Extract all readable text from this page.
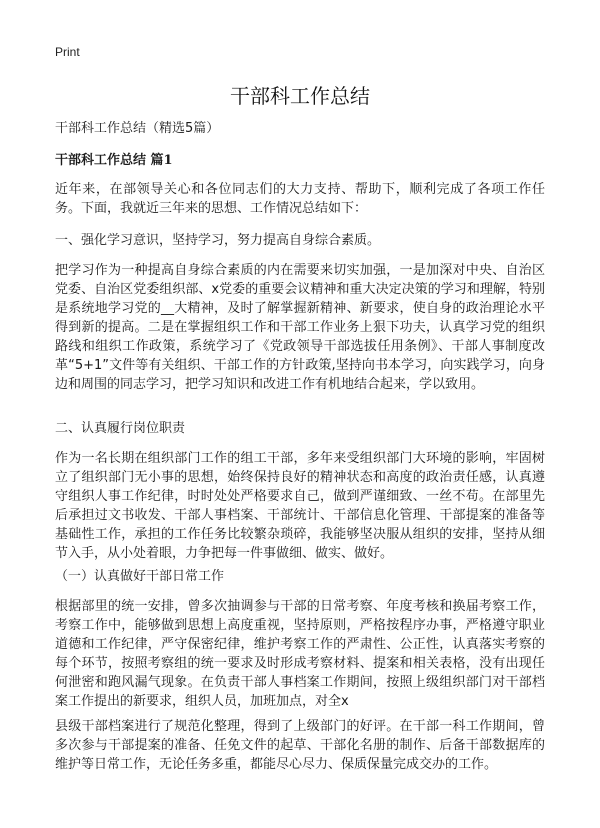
Print
干部科工作总结

干部科工作总结（精选5篇）

干部科工作总结 篇1

近年来，在部领导关心和各位同志们的大力支持、帮助下，顺利完成了各项工作任务。下面，我就近三年来的思想、工作情况总结如下：

一、强化学习意识，坚持学习，努力提高自身综合素质。

把学习作为一种提高自身综合素质的内在需要来切实加强，一是加深对中央、自治区党委、自治区党委组织部、x党委的重要会议精神和重大决定决策的学习和理解，特别是系统地学习党的__大精神，及时了解掌握新精神、新要求，使自身的政治理论水平得到新的提高。二是在掌握组织工作和干部工作业务上狠下功夫，认真学习党的组织路线和组织工作政策，系统学习了《党政领导干部选拔任用条例》、干部人事制度改革“5+1”文件等有关组织、干部工作的方针政策,坚持向书本学习，向实践学习，向身边和周围的同志学习，把学习知识和改进工作有机地结合起来，学以致用。

二、认真履行岗位职责

作为一名长期在组织部门工作的组工干部，多年来受组织部门大环境的影响，牢固树立了组织部门无小事的思想，始终保持良好的精神状态和高度的政治责任感，认真遵守组织人事工作纪律，时时处处严格要求自己，做到严谨细致、一丝不苟。在部里先后承担过文书收发、干部人事档案、干部统计、干部信息化管理、干部提案的准备等基础性工作，承担的工作任务比较繁杂琐碎，我能够坚决服从组织的安排，坚持从细节入手，从小处着眼，力争把每一件事做细、做实、做好。

（一）认真做好干部日常工作

根据部里的统一安排，曾多次抽调参与干部的日常考察、年度考核和换届考察工作，考察工作中，能够做到思想上高度重视，坚持原则，严格按程序办事，严格遵守职业道德和工作纪律，严守保密纪律，维护考察工作的严肃性、公正性，认真落实考察的每个环节，按照考察组的统一要求及时形成考察材料、提案和相关表格，没有出现任何泄密和跑风漏气现象。在负责干部人事档案工作期间，按照上级组织部门对干部档案工作提出的新要求，组织人员，加班加点，对全x

县级干部档案进行了规范化整理，得到了上级部门的好评。在干部一科工作期间，曾多次参与干部提案的准备、任免文件的起草、干部化名册的制作、后备干部数据库的维护等日常工作，无论任务多重，都能尽心尽力、保质保量完成交办的工作。
